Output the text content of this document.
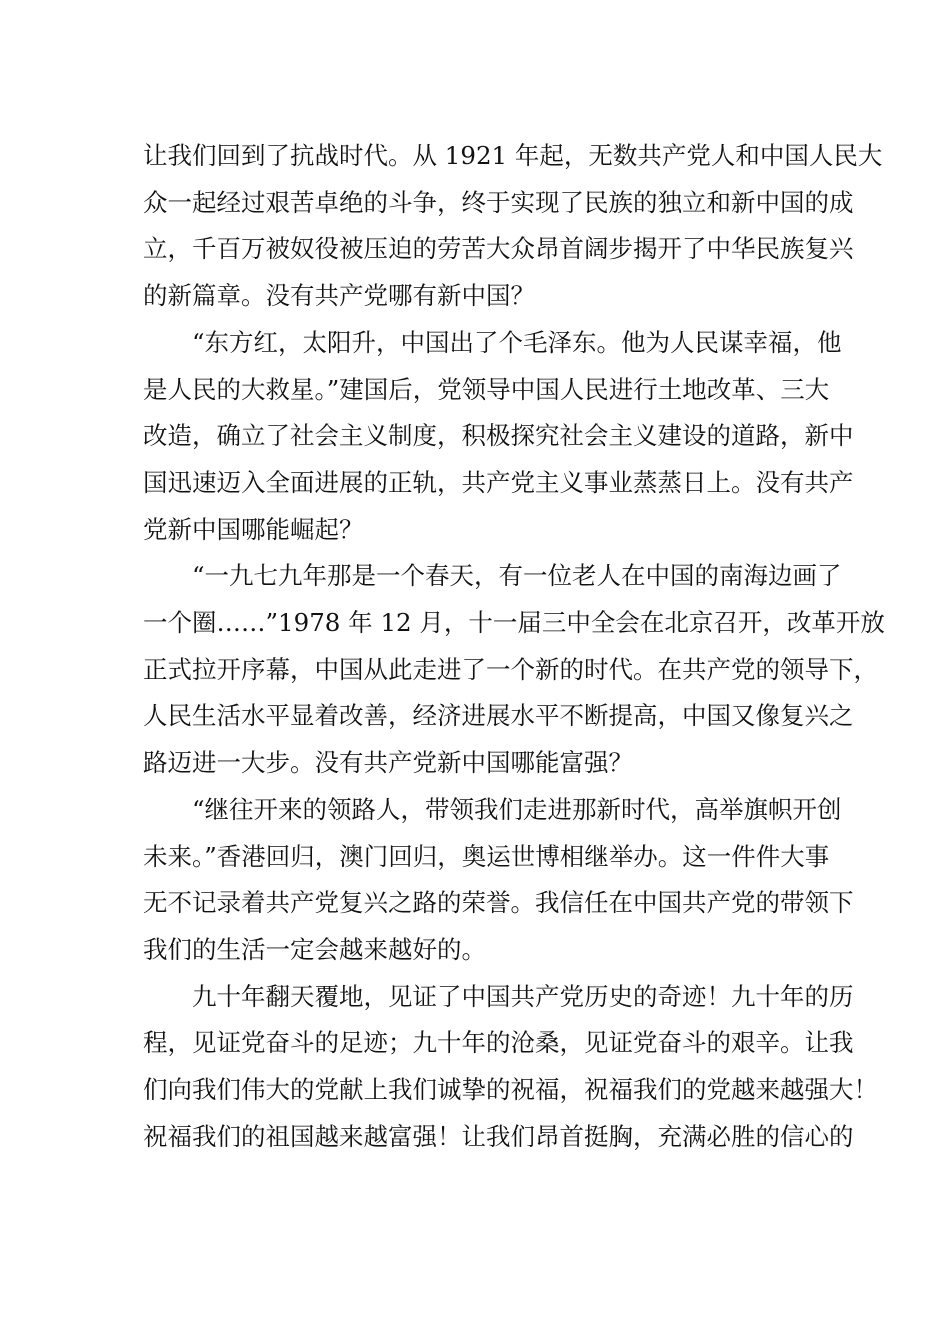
让我们回到了抗战时代。从 1921 年起，无数共产党人和中国人民大
众一起经过艰苦卓绝的斗争，终于实现了民族的独立和新中国的成
立，千百万被奴役被压迫的劳苦大众昂首阔步揭开了中华民族复兴
的新篇章。没有共产党哪有新中国？
“东方红，太阳升，中国出了个毛泽东。他为人民谋幸福，他
是人民的大救星。”建国后，党领导中国人民进行土地改革、三大
改造，确立了社会主义制度，积极探究社会主义建设的道路，新中
国迅速迈入全面进展的正轨，共产党主义事业蒸蒸日上。没有共产
党新中国哪能崛起？
“一九七九年那是一个春天，有一位老人在中国的南海边画了
一个圈……”1978 年 12 月，十一届三中全会在北京召开，改革开放
正式拉开序幕，中国从此走进了一个新的时代。在共产党的领导下，
人民生活水平显着改善，经济进展水平不断提高，中国又像复兴之
路迈进一大步。没有共产党新中国哪能富强？
“继往开来的领路人，带领我们走进那新时代，高举旗帜开创
未来。”香港回归，澳门回归，奥运世博相继举办。这一件件大事
无不记录着共产党复兴之路的荣誉。我信任在中国共产党的带领下
我们的生活一定会越来越好的。
九十年翻天覆地，见证了中国共产党历史的奇迹！九十年的历
程，见证党奋斗的足迹；九十年的沧桑，见证党奋斗的艰辛。让我
们向我们伟大的党献上我们诚挚的祝福，祝福我们的党越来越强大！
祝福我们的祖国越来越富强！让我们昂首挺胸，充满必胜的信心的
